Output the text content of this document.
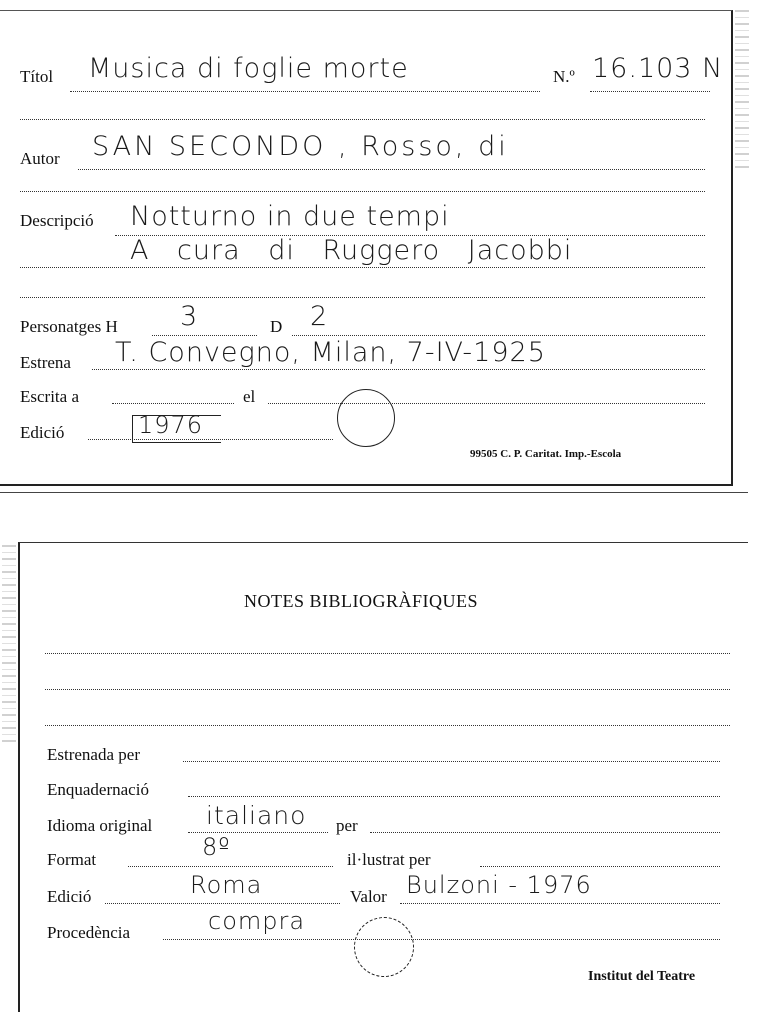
Títol Musica di foglie morte	N.º 16.103 N
Autor SAN SECONDO , Rosso, di
Descripció Notturno in due tempi
A cura di Ruggero Jacobbi
Personatges H 3	D 2
Estrena T. Convegno, Milan, 7-IV-1925
Escrita a	el
Edició	1976
99505 C. P. Caritat. Imp.-Escola
NOTES BIBLIOGRÀFIQUES
Estrenada per
Enquadernació
Idioma original italiano per
Format	8º	il·lustrat per
Edició	Roma	Valor Bulzoni - 1976
Procedència	compra
Institut del Teatre
